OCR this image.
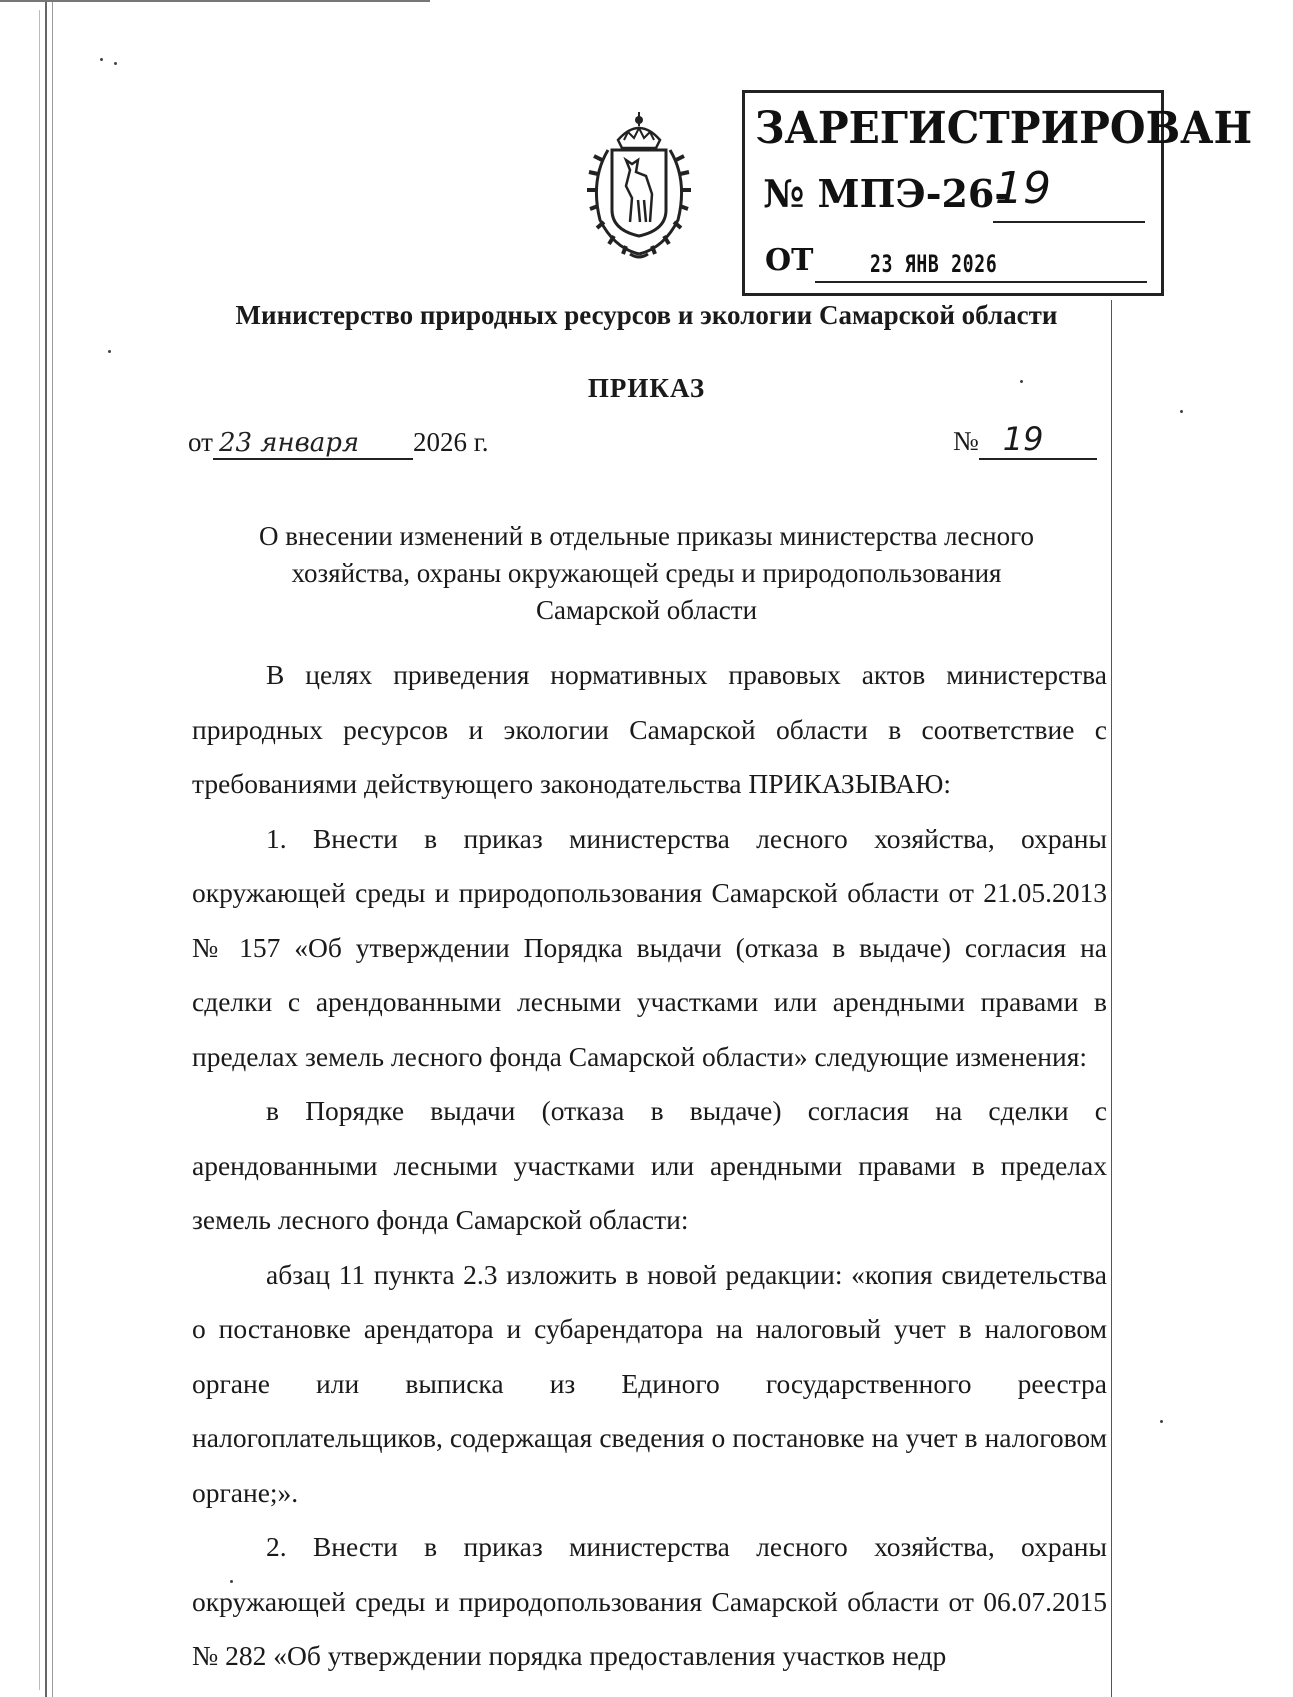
ЗАРЕГИСТРИРОВАН
№ МПЭ-26-
19
ОТ 23 ЯНВ 2026
Министерство природных ресурсов и экологии Самарской области
ПРИКАЗ
от 23 января 2026 г.	№ 19
О внесении изменений в отдельные приказы министерства лесного
хозяйства, охраны окружающей среды и природопользования
Самарской области

В целях приведения нормативных правовых актов министерства природных ресурсов и экологии Самарской области в соответствие с требованиями действующего законодательства ПРИКАЗЫВАЮ:

1. Внести в приказ министерства лесного хозяйства, охраны окружающей среды и природопользования Самарской области от 21.05.2013 № 157 «Об утверждении Порядка выдачи (отказа в выдаче) согласия на сделки с арендованными лесными участками или арендными правами в пределах земель лесного фонда Самарской области» следующие изменения:

в Порядке выдачи (отказа в выдаче) согласия на сделки с арендованными лесными участками или арендными правами в пределах земель лесного фонда Самарской области:

абзац 11 пункта 2.3 изложить в новой редакции: «копия свидетельства о постановке арендатора и субарендатора на налоговый учет в налоговом органе или выписка из Единого государственного реестра налогоплательщиков, содержащая сведения о постановке на учет в налоговом органе;».

2. Внести в приказ министерства лесного хозяйства, охраны окружающей среды и природопользования Самарской области от 06.07.2015 № 282 «Об утверждении порядка предоставления участков недр
